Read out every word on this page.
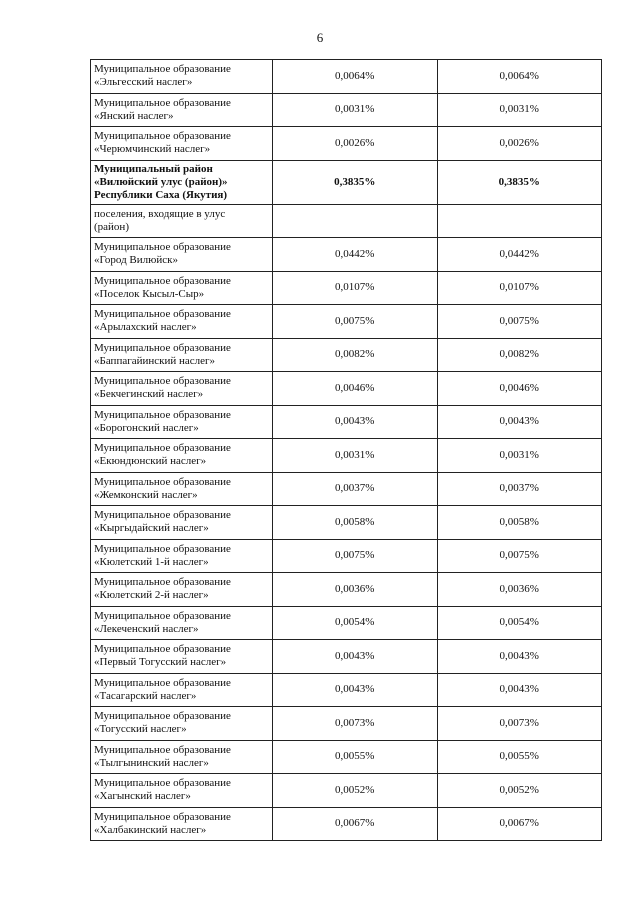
6
Муниципальное образование
«Эльгесский наслег»	0,0064%	0,0064%

Муниципальное образование
«Янский наслег»	0,0031%	0,0031%

Муниципальное образование
«Черюмчинский наслег»	0,0026%	0,0026%

Муниципальный район
«Вилюйский улус (район)»
Республики Саха (Якутия)	0,3835%	0,3835%

поселения, входящие в улус
(район)		

Муниципальное образование
«Город Вилюйск»	0,0442%	0,0442%

Муниципальное образование
«Поселок Кысыл-Сыр»	0,0107%	0,0107%

Муниципальное образование
«Арылахский наслег»	0,0075%	0,0075%

Муниципальное образование
«Баппагайинский наслег»	0,0082%	0,0082%

Муниципальное образование
«Бекчегинский наслег»	0,0046%	0,0046%

Муниципальное образование
«Борогонский наслег»	0,0043%	0,0043%

Муниципальное образование
«Екюндюнский наслег»	0,0031%	0,0031%

Муниципальное образование
«Жемконский наслег»	0,0037%	0,0037%

Муниципальное образование
«Кыргыдайский наслег»	0,0058%	0,0058%

Муниципальное образование
«Кюлетский 1-й наслег»	0,0075%	0,0075%

Муниципальное образование
«Кюлетский 2-й наслег»	0,0036%	0,0036%

Муниципальное образование
«Лекеченский наслег»	0,0054%	0,0054%

Муниципальное образование
«Первый Тогусский наслег»	0,0043%	0,0043%

Муниципальное образование
«Тасагарский наслег»	0,0043%	0,0043%

Муниципальное образование
«Тогусский наслег»	0,0073%	0,0073%

Муниципальное образование
«Тылгынинский наслег»	0,0055%	0,0055%

Муниципальное образование
«Хагынский наслег»	0,0052%	0,0052%

Муниципальное образование
«Халбакинский наслег»	0,0067%	0,0067%
